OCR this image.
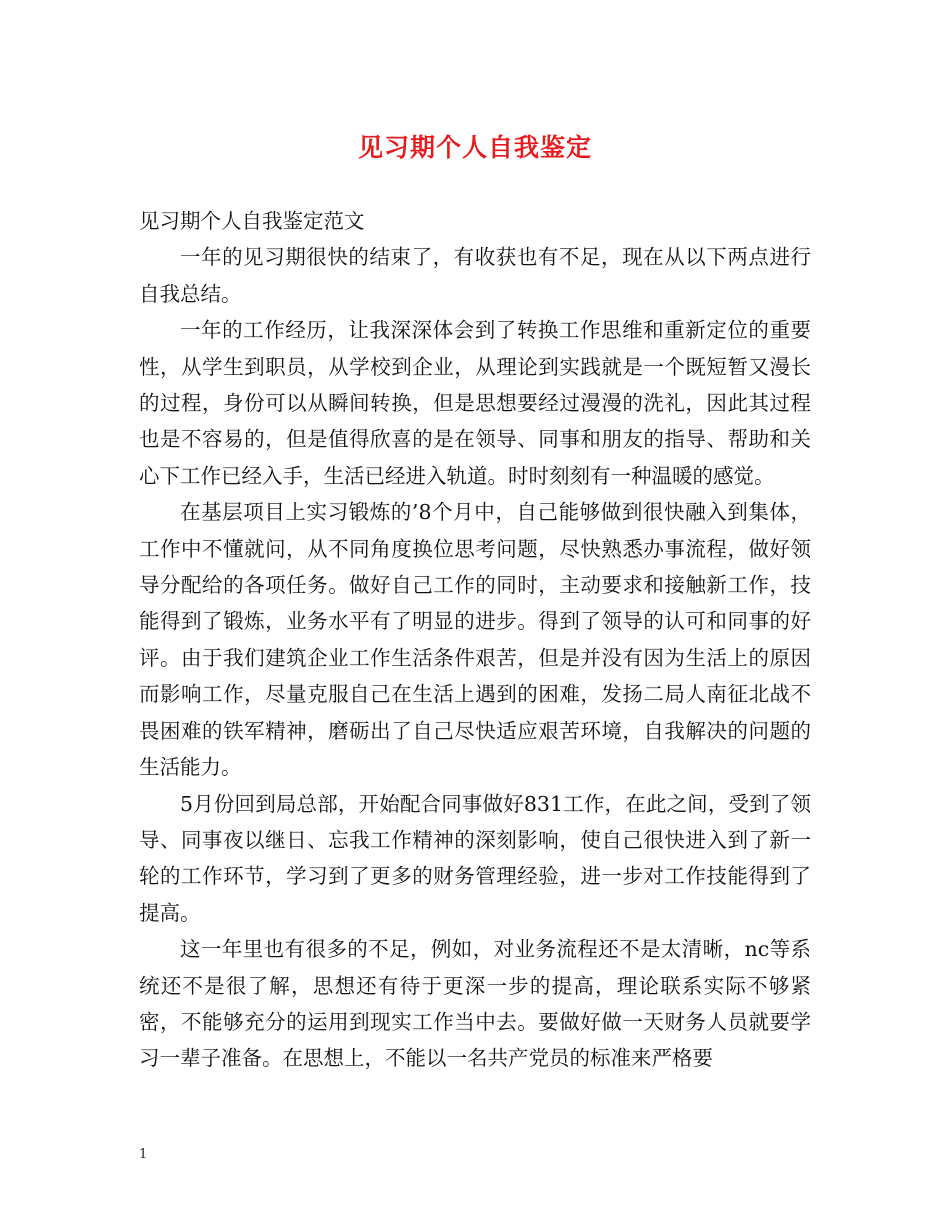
见习期个人自我鉴定

见习期个人自我鉴定范文

一年的见习期很快的结束了，有收获也有不足，现在从以下两点进行自我总结。

一年的工作经历，让我深深体会到了转换工作思维和重新定位的重要性，从学生到职员，从学校到企业，从理论到实践就是一个既短暂又漫长的过程，身份可以从瞬间转换，但是思想要经过漫漫的洗礼，因此其过程也是不容易的，但是值得欣喜的是在领导、同事和朋友的指导、帮助和关心下工作已经入手，生活已经进入轨道。时时刻刻有一种温暖的感觉。

在基层项目上实习锻炼的’8个月中，自己能够做到很快融入到集体，工作中不懂就问，从不同角度换位思考问题，尽快熟悉办事流程，做好领导分配给的各项任务。做好自己工作的同时，主动要求和接触新工作，技能得到了锻炼，业务水平有了明显的进步。得到了领导的认可和同事的好评。由于我们建筑企业工作生活条件艰苦，但是并没有因为生活上的原因而影响工作，尽量克服自己在生活上遇到的困难，发扬二局人南征北战不畏困难的铁军精神，磨砺出了自己尽快适应艰苦环境，自我解决的问题的生活能力。

5月份回到局总部，开始配合同事做好831工作，在此之间，受到了领导、同事夜以继日、忘我工作精神的深刻影响，使自己很快进入到了新一轮的工作环节，学习到了更多的财务管理经验，进一步对工作技能得到了提高。

这一年里也有很多的不足，例如，对业务流程还不是太清晰，nc等系统还不是很了解，思想还有待于更深一步的提高，理论联系实际不够紧密，不能够充分的运用到现实工作当中去。要做好做一天财务人员就要学习一辈子准备。在思想上，不能以一名共产党员的标准来严格要

1
